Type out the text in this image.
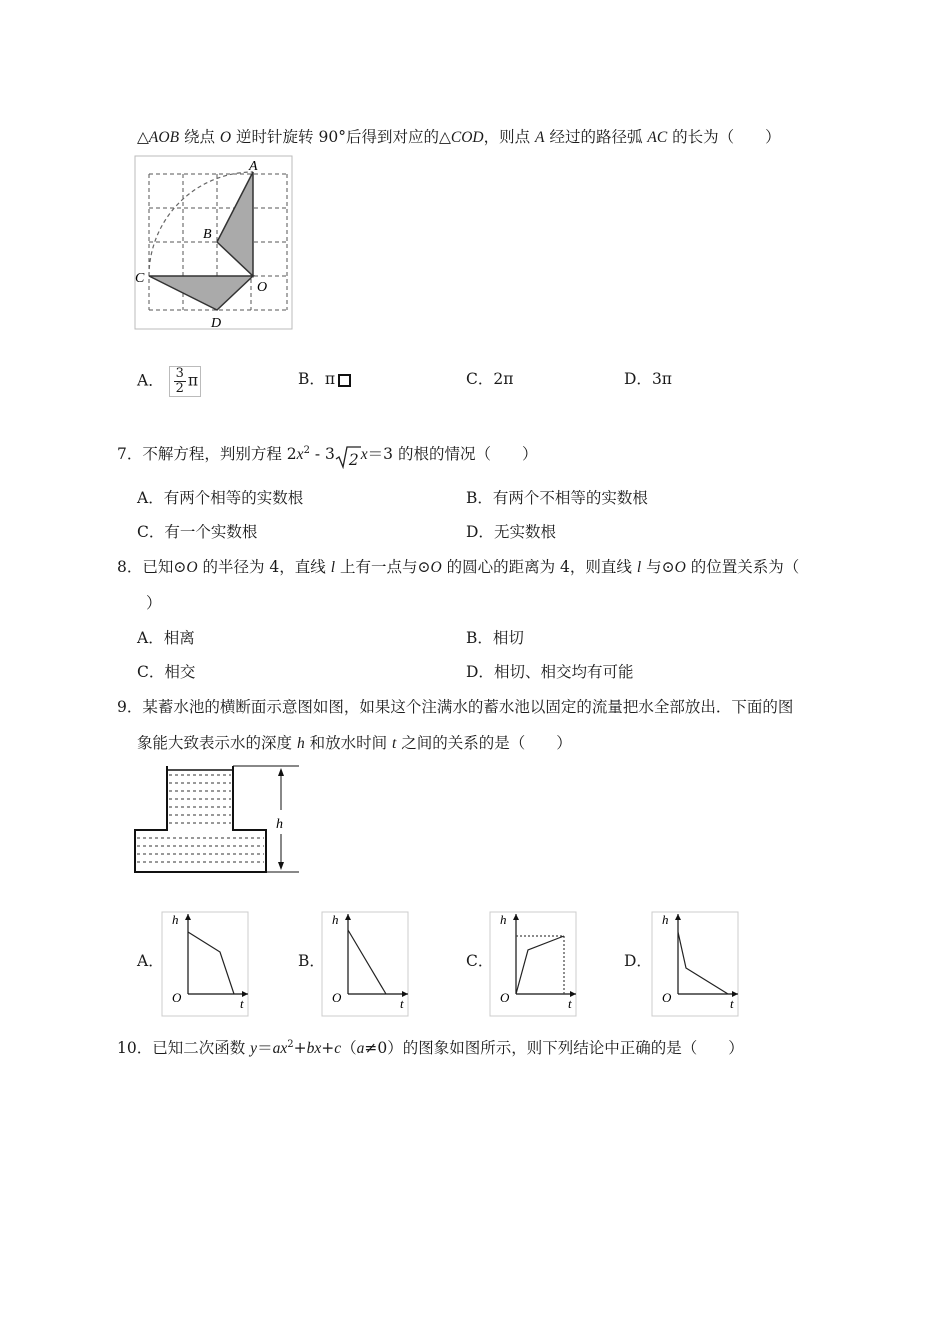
△AOB 绕点 O 逆时针旋转 90°后得到对应的△COD，则点 A 经过的路径弧 AC 的长为（　　）
A
B
C
O
D
A． $\frac{3}{2}$ π	B．π	C．2π	D．3π
7．不解方程，判别方程 $2x^2 - 3$ 2 x＝3 的根的情况（　　）
A．有两个相等的实数根	B．有两个不相等的实数根
C．有一个实数根	D．无实数根
8．已知⊙O 的半径为 4，直线 l 上有一点与⊙O 的圆心的距离为 4，则直线 l 与⊙O 的位置关系为（
）
A．相离	B．相切
C．相交	D．相切、相交均有可能
9．某蓄水池的横断面示意图如图，如果这个注满水的蓄水池以固定的流量把水全部放出．下面的图
象能大致表示水的深度 h 和放水时间 t 之间的关系的是（　　）
h
A．
h
t
O
B．
h
t
O
C．
h
t
O
D．
h
t
O
10．已知二次函数 $y=ax^2+bx+c(a\ne 0)$的图象如图所示，则下列结论中正确的是（　　）
